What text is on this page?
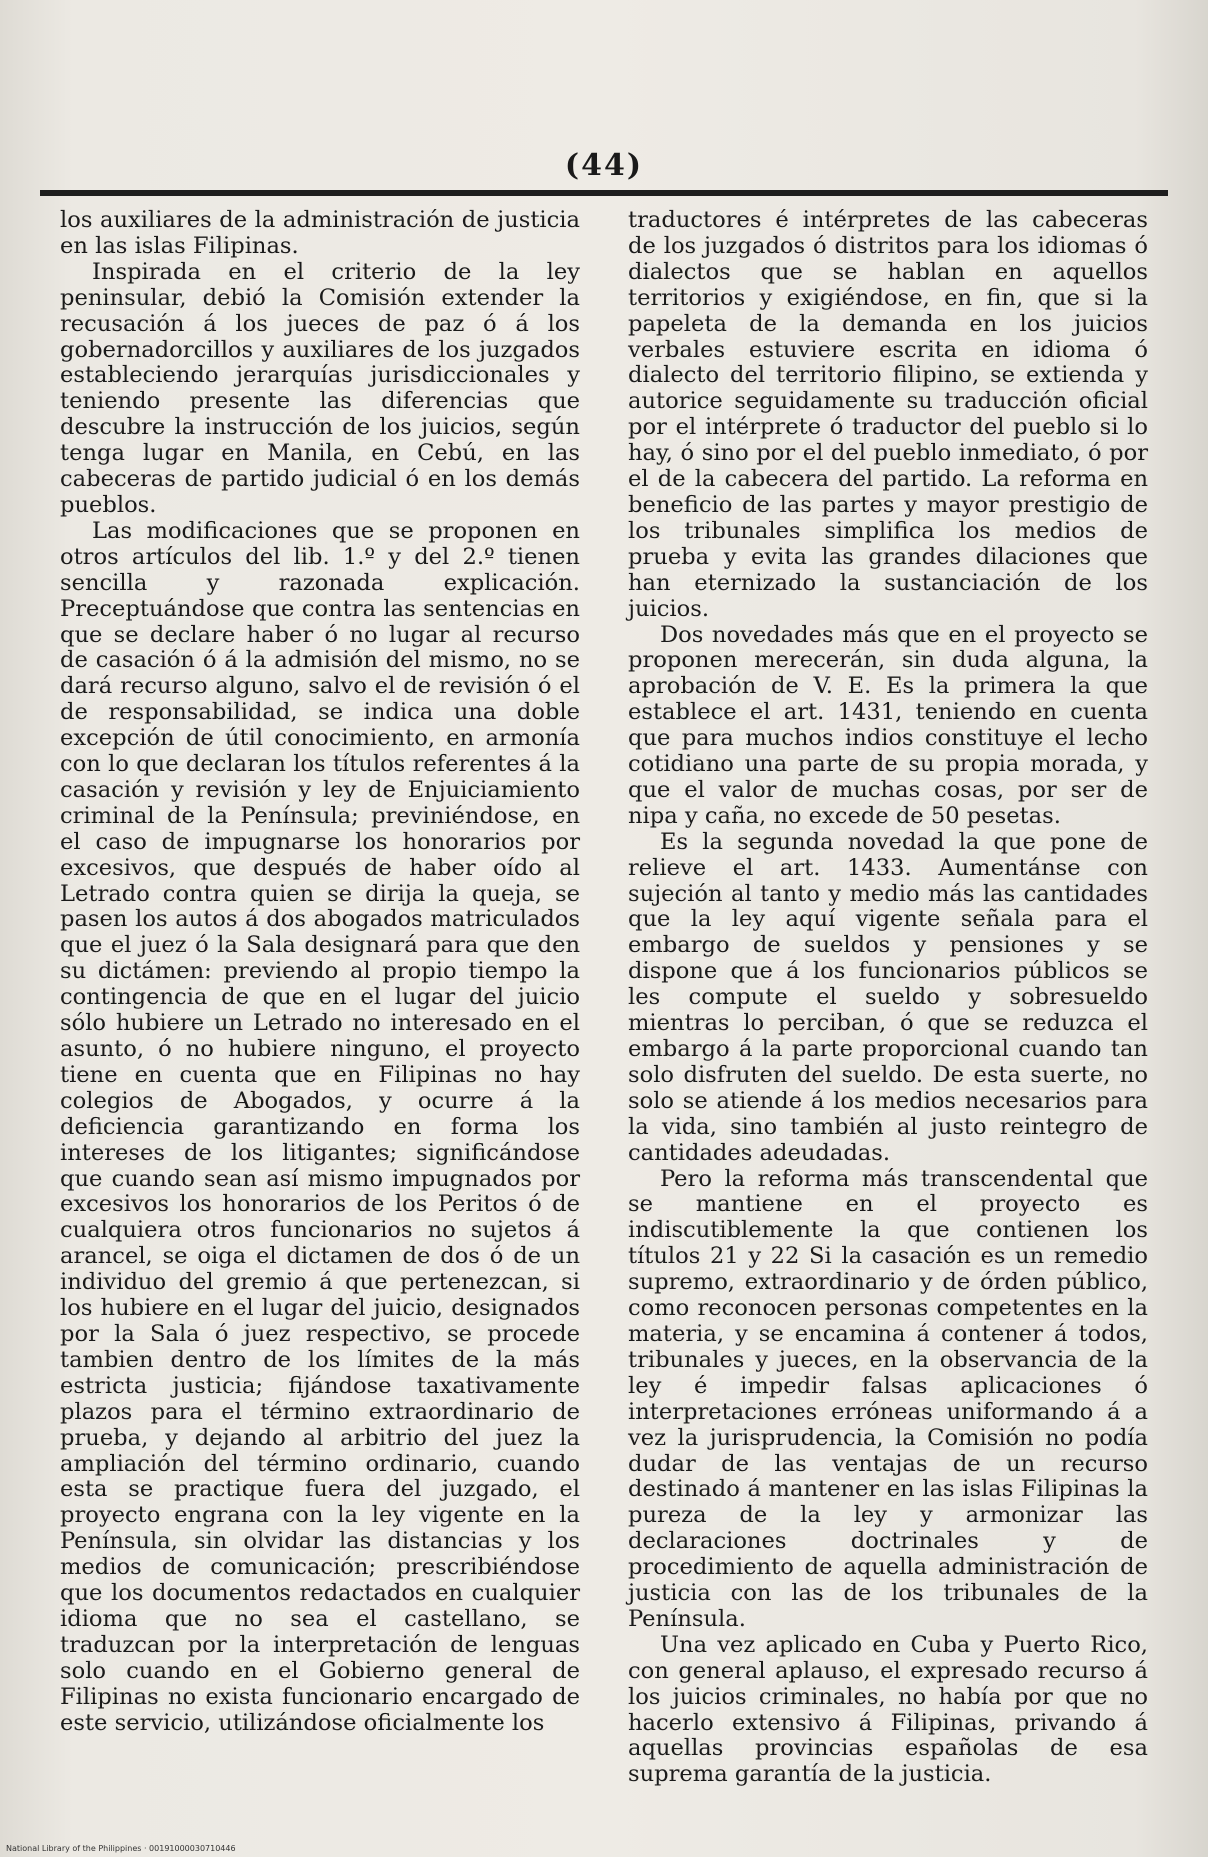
(44)

los auxiliares de la administración de justicia en las islas Filipinas.

Inspirada en el criterio de la ley peninsular, debió la Comisión extender la recusación á los jueces de paz ó á los gobernadorcillos y auxiliares de los juzgados estableciendo jerarquías jurisdiccionales y teniendo presente las diferencias que descubre la instrucción de los juicios, según tenga lugar en Manila, en Cebú, en las cabeceras de partido judicial ó en los demás pueblos.

Las modificaciones que se proponen en otros artículos del lib. 1.º y del 2.º tienen sencilla y razonada explicación. Preceptuándose que contra las sentencias en que se declare haber ó no lugar al recurso de casación ó á la admisión del mismo, no se dará recurso alguno, salvo el de revisión ó el de responsabilidad, se indica una doble excepción de útil conocimiento, en armonía con lo que declaran los títulos referentes á la casación y revisión y ley de Enjuiciamiento criminal de la Península; previniéndose, en el caso de impugnarse los honorarios por excesivos, que después de haber oído al Letrado contra quien se dirija la queja, se pasen los autos á dos abogados matriculados que el juez ó la Sala designará para que den su dictámen: previendo al propio tiempo la contingencia de que en el lugar del juicio sólo hubiere un Letrado no interesado en el asunto, ó no hubiere ninguno, el proyecto tiene en cuenta que en Filipinas no hay colegios de Abogados, y ocurre á la deficiencia garantizando en forma los intereses de los litigantes; significándose que cuando sean así mismo impugnados por excesivos los honorarios de los Peritos ó de cualquiera otros funcionarios no sujetos á arancel, se oiga el dictamen de dos ó de un individuo del gremio á que pertenezcan, si los hubiere en el lugar del juicio, designados por la Sala ó juez respectivo, se procede tambien dentro de los límites de la más estricta justicia; fijándose taxativamente plazos para el término extraordinario de prueba, y dejando al arbitrio del juez la ampliación del término ordinario, cuando esta se practique fuera del juzgado, el proyecto engrana con la ley vigente en la Península, sin olvidar las distancias y los medios de comunicación; prescribiéndose que los documentos redactados en cualquier idioma que no sea el castellano, se traduzcan por la interpretación de lenguas solo cuando en el Gobierno general de Filipinas no exista funcionario encargado de este servicio, utilizándose oficialmente los

traductores é intérpretes de las cabeceras de los juzgados ó distritos para los idiomas ó dialectos que se hablan en aquellos territorios y exigiéndose, en fin, que si la papeleta de la demanda en los juicios verbales estuviere escrita en idioma ó dialecto del territorio filipino, se extienda y autorice seguidamente su traducción oficial por el intérprete ó traductor del pueblo si lo hay, ó sino por el del pueblo inmediato, ó por el de la cabecera del partido. La reforma en beneficio de las partes y mayor prestigio de los tribunales simplifica los medios de prueba y evita las grandes dilaciones que han eternizado la sustanciación de los juicios.

Dos novedades más que en el proyecto se proponen merecerán, sin duda alguna, la aprobación de V. E. Es la primera la que establece el art. 1431, teniendo en cuenta que para muchos indios constituye el lecho cotidiano una parte de su propia morada, y que el valor de muchas cosas, por ser de nipa y caña, no excede de 50 pesetas.

Es la segunda novedad la que pone de relieve el art. 1433. Aumentánse con sujeción al tanto y medio más las cantidades que la ley aquí vigente señala para el embargo de sueldos y pensiones y se dispone que á los funcionarios públicos se les compute el sueldo y sobresueldo mientras lo perciban, ó que se reduzca el embargo á la parte proporcional cuando tan solo disfruten del sueldo. De esta suerte, no solo se atiende á los medios necesarios para la vida, sino también al justo reintegro de cantidades adeudadas.

Pero la reforma más transcendental que se mantiene en el proyecto es indiscutiblemente la que contienen los títulos 21 y 22 Si la casación es un remedio supremo, extraordinario y de órden público, como reconocen personas competentes en la materia, y se encamina á contener á todos, tribunales y jueces, en la observancia de la ley é impedir falsas aplicaciones ó interpretaciones erróneas uniformando á a vez la jurisprudencia, la Comisión no podía dudar de las ventajas de un recurso destinado á mantener en las islas Filipinas la pureza de la ley y armonizar las declaraciones doctrinales y de procedimiento de aquella administración de justicia con las de los tribunales de la Península.

Una vez aplicado en Cuba y Puerto Rico, con general aplauso, el expresado recurso á los juicios criminales, no había por que no hacerlo extensivo á Filipinas, privando á aquellas provincias españolas de esa suprema garantía de la justicia.

National Library of the Philippines · 00191000030710446
